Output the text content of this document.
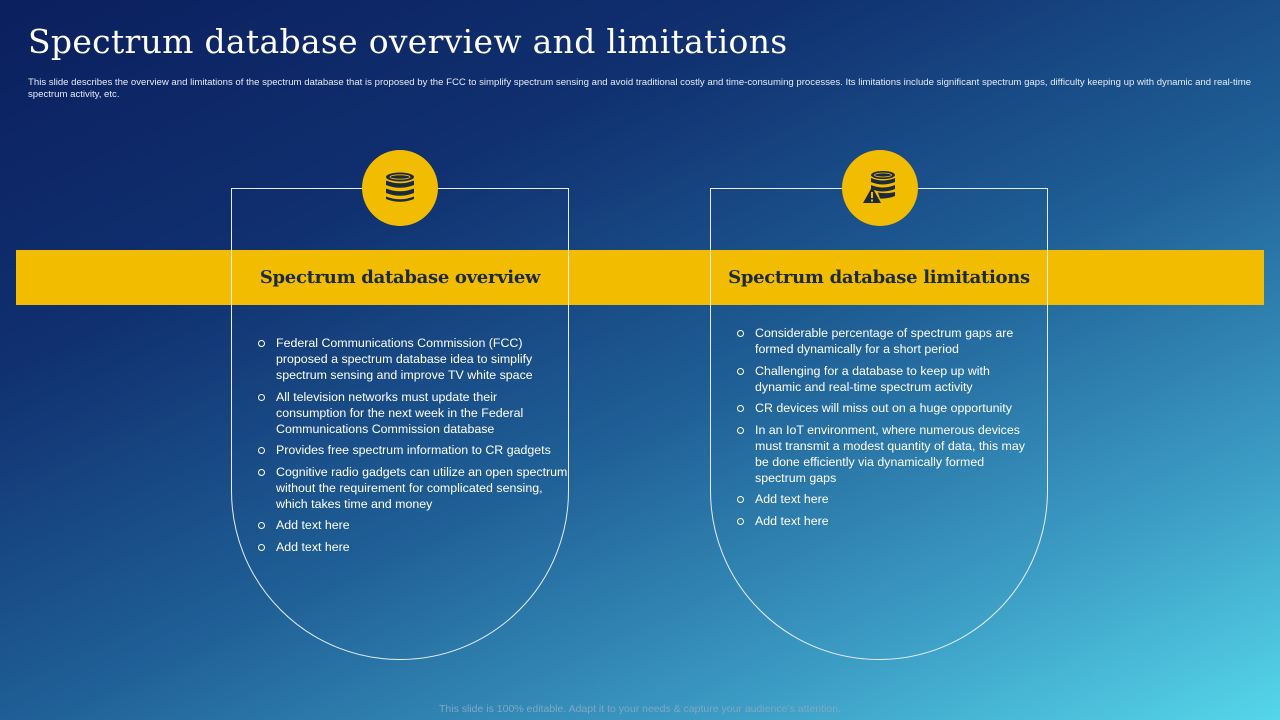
Spectrum database overview and limitations

This slide describes the overview and limitations of the spectrum database that is proposed by the FCC to simplify spectrum sensing and avoid traditional costly and time-consuming processes. Its limitations include significant spectrum gaps, difficulty keeping up with dynamic and real-time spectrum activity, etc.

Spectrum database overview
Federal Communications Commission (FCC) proposed a spectrum database idea to simplify spectrum sensing and improve TV white space
All television networks must update their consumption for the next week in the Federal Communications Commission database
Provides free spectrum information to CR gadgets
Cognitive radio gadgets can utilize an open spectrum without the requirement for complicated sensing, which takes time and money
Add text here
Add text here
Spectrum database limitations
Considerable percentage of spectrum gaps are formed dynamically for a short period
Challenging for a database to keep up with dynamic and real-time spectrum activity
CR devices will miss out on a huge opportunity
In an IoT environment, where numerous devices must transmit a modest quantity of data, this may be done efficiently via dynamically formed spectrum gaps
Add text here
Add text here

This slide is 100% editable. Adapt it to your needs & capture your audience’s attention.
